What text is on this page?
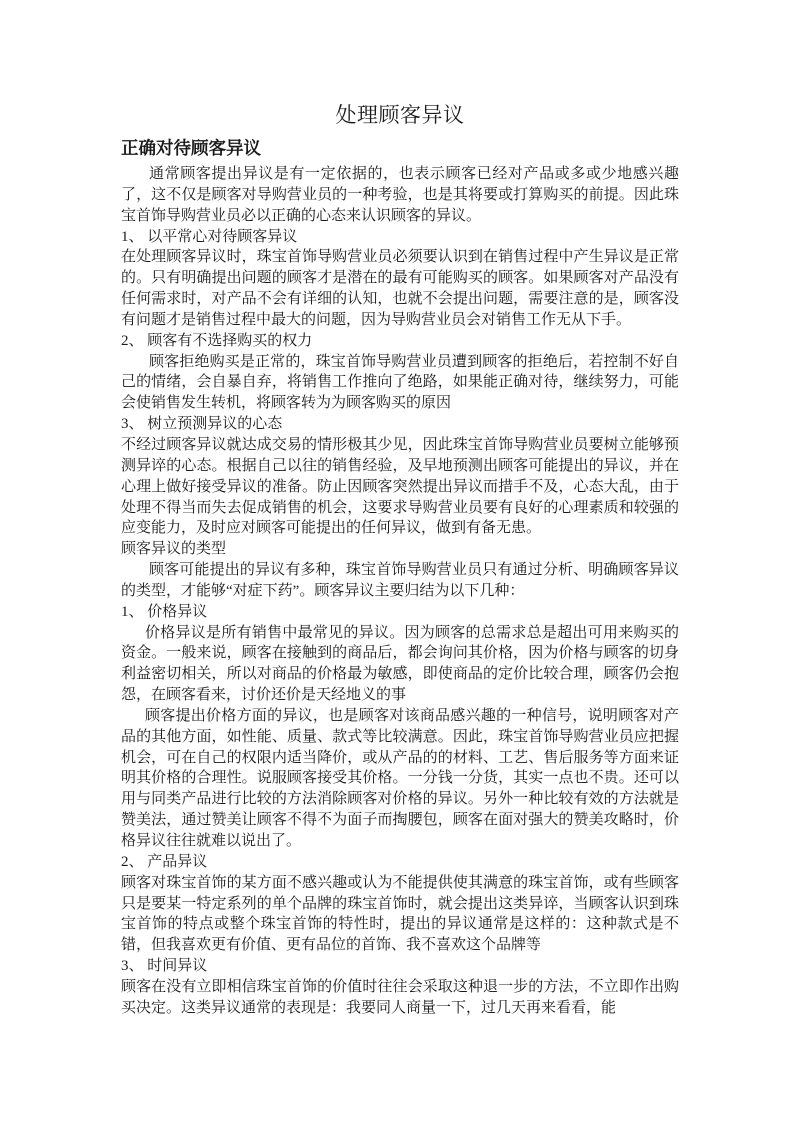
处理顾客异议
正确对待顾客异议

通常顾客提出异议是有一定依据的，也表示顾客已经对产品或多或少地感兴趣了，这不仅是顾客对导购营业员的一种考验，也是其将要或打算购买的前提。因此珠宝首饰导购营业员必以正确的心态来认识顾客的异议。

1、 以平常心对待顾客异议

在处理顾客异议时，珠宝首饰导购营业员必须要认识到在销售过程中产生异议是正常的。只有明确提出问题的顾客才是潜在的最有可能购买的顾客。如果顾客对产品没有任何需求时，对产品不会有详细的认知，也就不会提出问题，需要注意的是，顾客没有问题才是销售过程中最大的问题，因为导购营业员会对销售工作无从下手。

2、 顾客有不选择购买的权力

顾客拒绝购买是正常的，珠宝首饰导购营业员遭到顾客的拒绝后，若控制不好自己的情绪，会自暴自弃，将销售工作推向了绝路，如果能正确对待，继续努力，可能会使销售发生转机，将顾客转为为顾客购买的原因

3、 树立预测异议的心态

不经过顾客异议就达成交易的情形极其少见，因此珠宝首饰导购营业员要树立能够预测异谇的心态。根据自己以往的销售经验，及早地预测出顾客可能提出的异议，并在心理上做好接受异议的准备。防止因顾客突然提出异议而措手不及，心态大乱，由于处理不得当而失去促成销售的机会，这要求导购营业员要有良好的心理素质和较强的应变能力，及时应对顾客可能提出的任何异议，做到有备无患。

顾客异议的类型

顾客可能提出的异议有多种，珠宝首饰导购营业员只有通过分析、明确顾客异议的类型，才能够“对症下药”。顾客异议主要归结为以下几种：

1、 价格异议

价格异议是所有销售中最常见的异议。因为顾客的总需求总是超出可用来购买的资金。一般来说，顾客在接触到的商品后，都会询问其价格，因为价格与顾客的切身利益密切相关，所以对商品的价格最为敏感，即使商品的定价比较合理，顾客仍会抱怨，在顾客看来，讨价还价是天经地义的事

顾客提出价格方面的异议，也是顾客对该商品感兴趣的一种信号，说明顾客对产品的其他方面，如性能、质量、款式等比较满意。因此，珠宝首饰导购营业员应把握机会，可在自己的权限内适当降价，或从产品的的材料、工艺、售后服务等方面来证明其价格的合理性。说服顾客接受其价格。一分钱一分货，其实一点也不贵。还可以用与同类产品进行比较的方法消除顾客对价格的异议。另外一种比较有效的方法就是赞美法，通过赞美让顾客不得不为面子而掏腰包，顾客在面对强大的赞美攻略时，价格异议往往就难以说出了。

2、 产品异议

顾客对珠宝首饰的某方面不感兴趣或认为不能提供使其满意的珠宝首饰，或有些顾客只是要某一特定系列的单个品牌的珠宝首饰时，就会提出这类异谇，当顾客认识到珠宝首饰的特点或整个珠宝首饰的特性时，提出的异议通常是这样的：这种款式是不错，但我喜欢更有价值、更有品位的首饰、我不喜欢这个品牌等

3、 时间异议

顾客在没有立即相信珠宝首饰的价值时往往会采取这种退一步的方法，不立即作出购买决定。这类异议通常的表现是：我要同人商量一下，过几天再来看看，能
